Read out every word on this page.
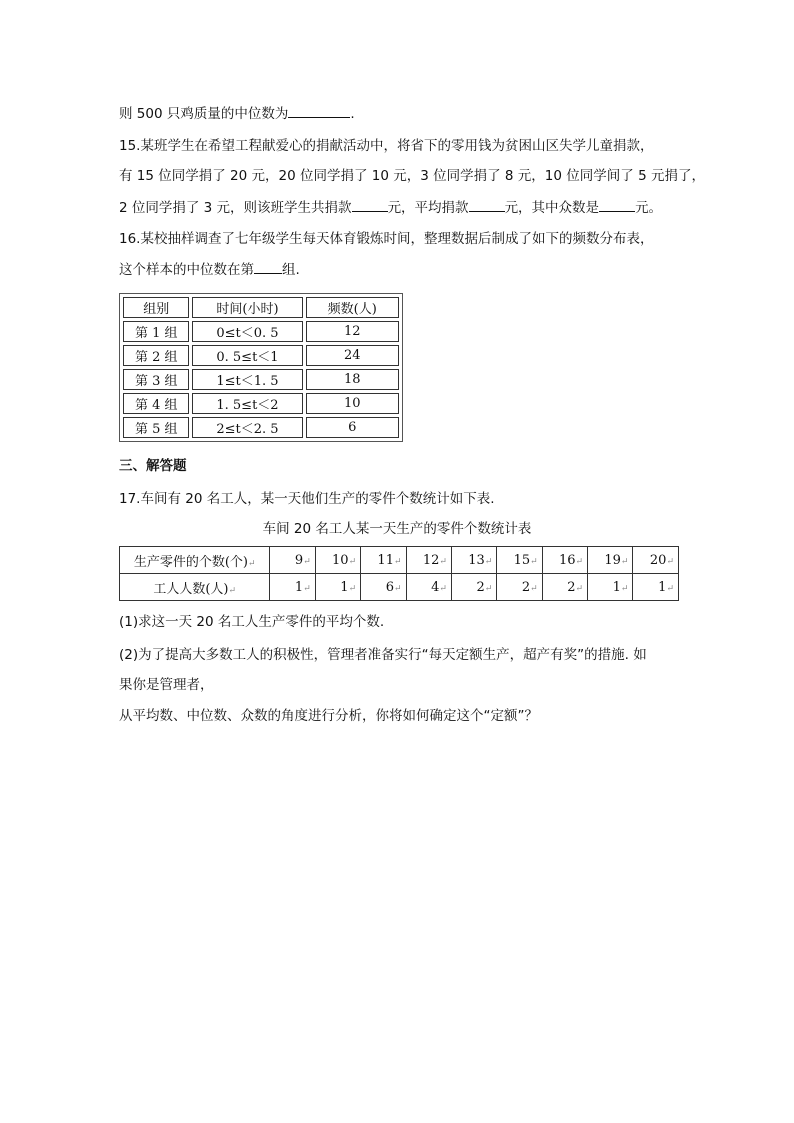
则 500 只鸡质量的中位数为	.
15.某班学生在希望工程献爱心的捐献活动中，将省下的零用钱为贫困山区失学儿童捐款，
有 15 位同学捐了 20 元，20 位同学捐了 10 元，3 位同学捐了 8 元，10 位同学间了 5 元捐了，
2 位同学捐了 3 元，则该班学生共捐款	元，平均捐款	元，其中众数是	元。
16.某校抽样调查了七年级学生每天体育锻炼时间，整理数据后制成了如下的频数分布表，
这个样本的中位数在第 组.
组别	时间(小时)	频数(人)
第 1 组	0≤t＜0. 5	12
第 2 组	0. 5≤t＜1	24
第 3 组	1≤t＜1. 5	18
第 4 组	1. 5≤t＜2	10
第 5 组	2≤t＜2. 5	6
三、解答题
17.车间有 20 名工人，某一天他们生产的零件个数统计如下表.
车间 20 名工人某一天生产的零件个数统计表
生产零件的个数(个)↵	9↵	10↵	11↵	12↵	13↵	15↵	16↵	19↵	20↵
工人人数(人)↵	1↵	1↵	6↵	4↵	2↵	2↵	2↵	1↵	1↵
(1)求这一天 20 名工人生产零件的平均个数.
(2)为了提高大多数工人的积极性，管理者准备实行“每天定额生产，超产有奖”的措施. 如
果你是管理者，
从平均数、中位数、众数的角度进行分析，你将如何确定这个“定额”？
